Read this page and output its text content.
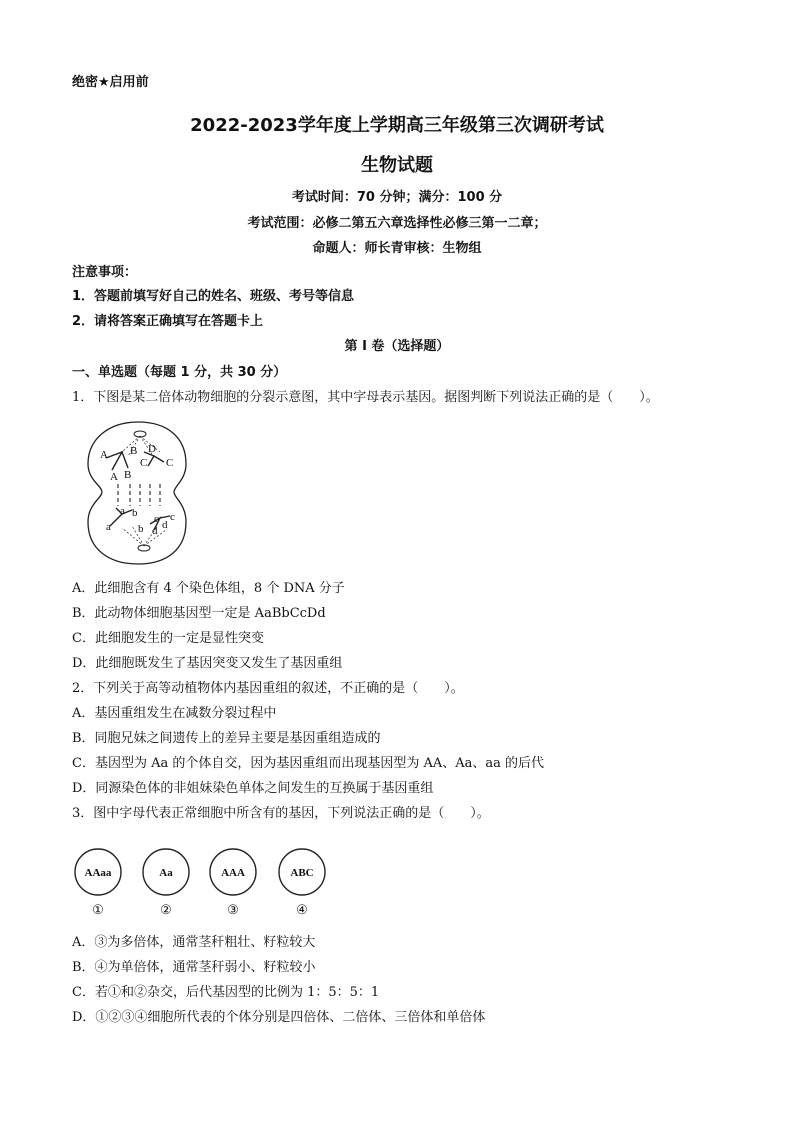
绝密★启用前
2022-2023学年度上学期高三年级第三次调研考试
生物试题
考试时间：70 分钟；满分：100 分
考试范围：必修二第五六章选择性必修三第一二章；
命题人：师长青审核：生物组
注意事项：
1．答题前填写好自己的姓名、班级、考号等信息
2．请将答案正确填写在答题卡上
第 I 卷（选择题）
一、单选题（每题 1 分，共 30 分）
1．下图是某二倍体动物细胞的分裂示意图，其中字母表示基因。据图判断下列说法正确的是（　　）。
A B D
C C
A B
a b	c
a b d
d
c
A．此细胞含有 4 个染色体组，8 个 DNA 分子
B．此动物体细胞基因型一定是 AaBbCcDd
C．此细胞发生的一定是显性突变
D．此细胞既发生了基因突变又发生了基因重组
2．下列关于高等动植物体内基因重组的叙述，不正确的是（　　）。
A．基因重组发生在减数分裂过程中
B．同胞兄妹之间遗传上的差异主要是基因重组造成的
C．基因型为 Aa 的个体自交，因为基因重组而出现基因型为 AA、Aa、aa 的后代
D．同源染色体的非姐妹染色单体之间发生的互换属于基因重组
3．图中字母代表正常细胞中所含有的基因，下列说法正确的是（　　）。
AAaa	Aa	AAA	ABC
①	②	③	④
A．③为多倍体，通常茎秆粗壮、籽粒较大
B．④为单倍体，通常茎秆弱小、籽粒较小
C．若①和②杂交，后代基因型的比例为 1：5：5：1
D．①②③④细胞所代表的个体分别是四倍体、二倍体、三倍体和单倍体
